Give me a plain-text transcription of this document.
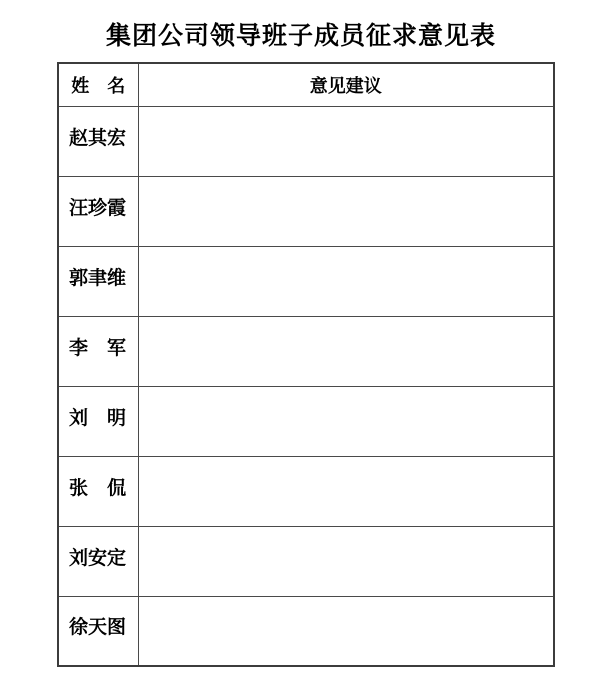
集团公司领导班子成员征求意见表
姓　名	意见建议
赵其宏	
汪珍霞	
郭聿维	
李　军	
刘　明	
张　侃	
刘安定	
徐天图	
